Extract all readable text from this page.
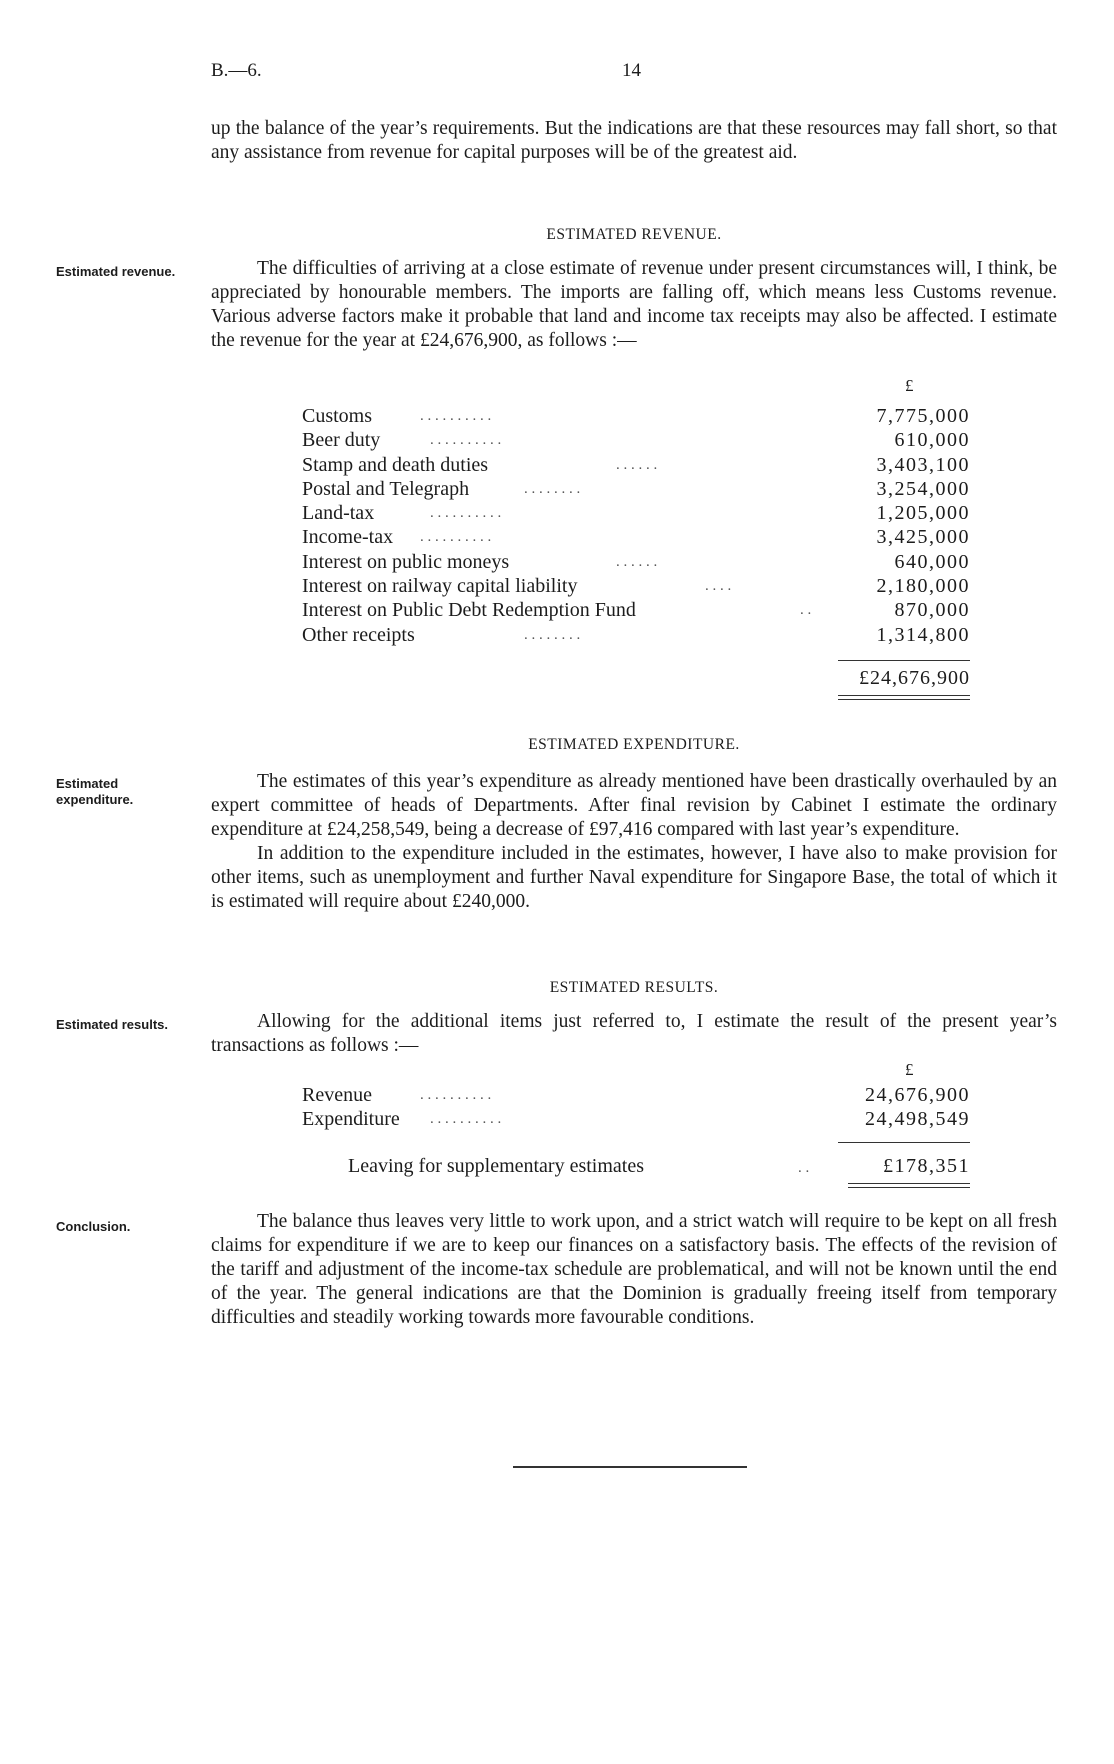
B.—6.	14

up the balance of the year’s requirements. But the indications are that these resources may fall short, so that any assistance from revenue for capital purposes will be of the greatest aid.

ESTIMATED REVENUE.
Estimated revenue.	The difficulties of arriving at a close estimate of revenue under present circumstances will, I think, be appreciated by honourable members. The imports are falling off, which means less Customs revenue. Various adverse factors make it probable that land and income tax receipts may also be affected. I estimate the revenue for the year at £24,676,900, as follows :—

£
. . . . . . . . . .
Customs	7,775,000
. . . . . . . . . .
Beer duty	610,000
. . . . . .
Stamp and death duties	3,403,100
. . . . . . . .
Postal and Telegraph	3,254,000
. . . . . . . . . .
Land-tax	1,205,000
. . . . . . . . . .
Income-tax	3,425,000
. . . . . .
Interest on public moneys	640,000
. . . .
Interest on railway capital liability	2,180,000
. .
Interest on Public Debt Redemption Fund	870,000
. . . . . . . .
Other receipts	1,314,800
£24,676,900
ESTIMATED EXPENDITURE.
Estimated expenditure.

The estimates of this year’s expenditure as already mentioned have been drastically overhauled by an expert committee of heads of Departments. After final revision by Cabinet I estimate the ordinary expenditure at £24,258,549, being a decrease of £97,416 compared with last year’s expenditure.

In addition to the expenditure included in the estimates, however, I have also to make provision for other items, such as unemployment and further Naval expenditure for Singapore Base, the total of which it is estimated will require about £240,000.

ESTIMATED RESULTS.
Estimated results.	Allowing for the additional items just referred to, I estimate the result of the present year’s transactions as follows :—

£
. . . . . . . . . .
Revenue	24,676,900
. . . . . . . . . .
Expenditure	24,498,549
Leaving for supplementary estimates	. .	£178,351
Conclusion.	The balance thus leaves very little to work upon, and a strict watch will require to be kept on all fresh claims for expenditure if we are to keep our finances on a satisfactory basis. The effects of the revision of the tariff and adjustment of the income-tax schedule are problematical, and will not be known until the end of the year. The general indications are that the Dominion is gradually freeing itself from temporary difficulties and steadily working towards more favourable conditions.
